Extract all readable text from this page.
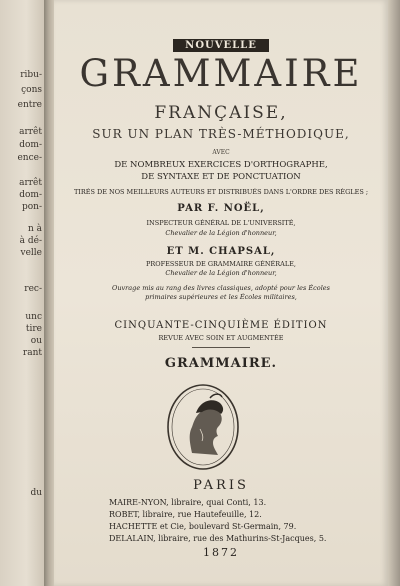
ribu-
çons
entre
arrêt
dom-
ence-
arrêt
dom-
pon-
n à
à dé-
velle
rec-
unc
tire
ou
rant
du
NOUVELLE
GRAMMAIRE
FRANÇAISE,
SUR UN PLAN TRÈS-MÉTHODIQUE,
AVEC
DE NOMBREUX EXERCICES D'ORTHOGRAPHE,
DE SYNTAXE ET DE PONCTUATION
TIRÉS DE NOS MEILLEURS AUTEURS ET DISTRIBUÉS DANS L'ORDRE DES RÈGLES ;
PAR F. NOËL,
INSPECTEUR GÉNÉRAL DE L'UNIVERSITÉ,
Chevalier de la Légion d'honneur,
ET M. CHAPSAL,
PROFESSEUR DE GRAMMAIRE GÉNÉRALE,
Chevalier de la Légion d'honneur,
Ouvrage mis au rang des livres classiques, adopté pour les Écoles
primaires supérieures et les Écoles militaires,
CINQUANTE-CINQUIÈME ÉDITION
REVUE AVEC SOIN ET AUGMENTÉE
GRAMMAIRE.
PARIS
MAIRE-NYON, libraire, quai Conti, 13.
ROBET, libraire, rue Hautefeuille, 12.
HACHETTE et Cie, boulevard St-Germain, 79.
DELALAIN, libraire, rue des Mathurins-St-Jacques, 5.
1872
